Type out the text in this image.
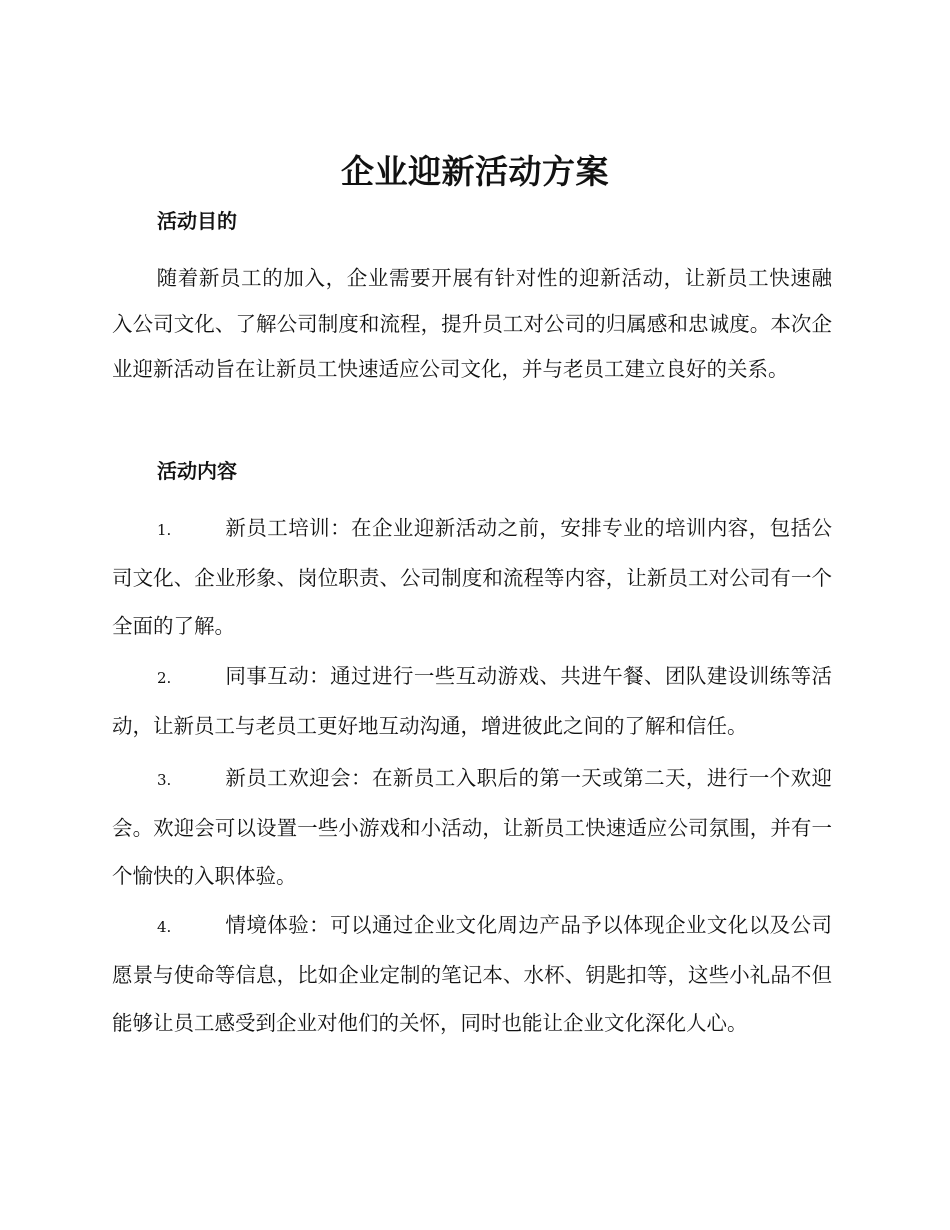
企业迎新活动方案
活动目的
随着新员工的加入，企业需要开展有针对性的迎新活动，让新员工快速融入公司文化、了解公司制度和流程，提升员工对公司的归属感和忠诚度。本次企业迎新活动旨在让新员工快速适应公司文化，并与老员工建立良好的关系。
活动内容
1.	新员工培训：在企业迎新活动之前，安排专业的培训内容，包括公司文化、企业形象、岗位职责、公司制度和流程等内容，让新员工对公司有一个全面的了解。
2.	同事互动：通过进行一些互动游戏、共进午餐、团队建设训练等活动，让新员工与老员工更好地互动沟通，增进彼此之间的了解和信任。
3.	新员工欢迎会：在新员工入职后的第一天或第二天，进行一个欢迎会。欢迎会可以设置一些小游戏和小活动，让新员工快速适应公司氛围，并有一个愉快的入职体验。
4.	情境体验：可以通过企业文化周边产品予以体现企业文化以及公司愿景与使命等信息，比如企业定制的笔记本、水杯、钥匙扣等，这些小礼品不但能够让员工感受到企业对他们的关怀，同时也能让企业文化深化人心。
